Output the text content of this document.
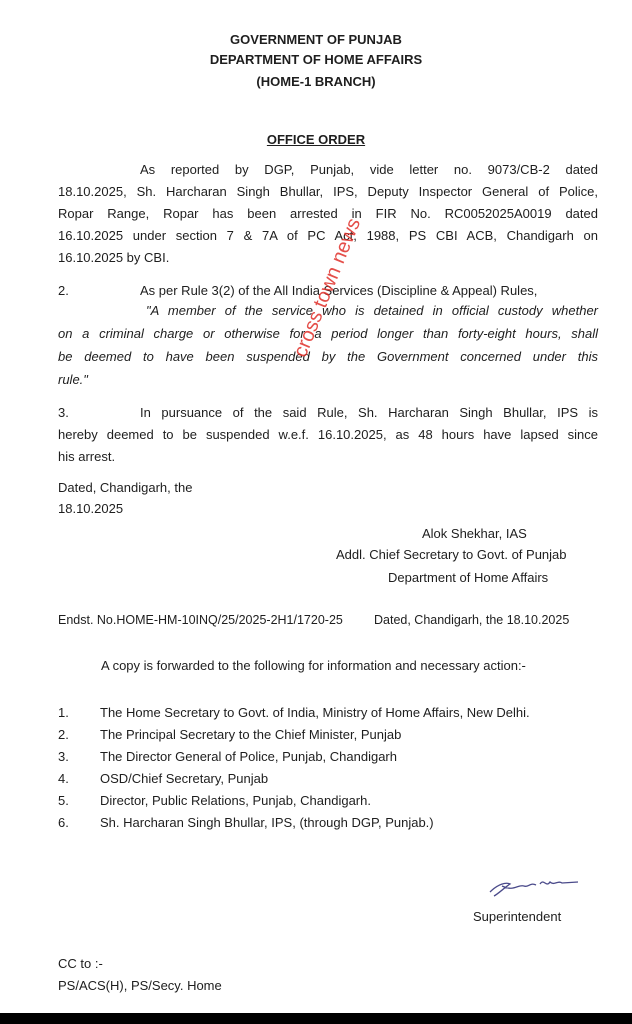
GOVERNMENT OF PUNJAB
DEPARTMENT OF HOME AFFAIRS
(HOME-1 BRANCH)
OFFICE ORDER
As reported by DGP, Punjab, vide letter no. 9073/CB-2 dated
18.10.2025, Sh. Harcharan Singh Bhullar, IPS, Deputy Inspector General of Police,
Ropar Range, Ropar has been arrested in FIR No. RC0052025A0019 dated
16.10.2025 under section 7 & 7A of PC Act, 1988, PS CBI ACB, Chandigarh on
16.10.2025 by CBI.
2.	As per Rule 3(2) of the All India Services (Discipline & Appeal) Rules,
"A member of the service who is detained in official custody whether
on a criminal charge or otherwise for a period longer than forty-eight hours, shall
be deemed to have been suspended by the Government concerned under this
rule."
3.	In pursuance of the said Rule, Sh. Harcharan Singh Bhullar, IPS is
hereby deemed to be suspended w.e.f. 16.10.2025, as 48 hours have lapsed since
his arrest.
Dated, Chandigarh, the
18.10.2025
Alok Shekhar, IAS
Addl. Chief Secretary to Govt. of Punjab
Department of Home Affairs
Endst. No.HOME-HM-10INQ/25/2025-2H1/1720-25 Dated, Chandigarh, the 18.10.2025
A copy is forwarded to the following for information and necessary action:-
1. The Home Secretary to Govt. of India, Ministry of Home Affairs, New Delhi.
2. The Principal Secretary to the Chief Minister, Punjab
3. The Director General of Police, Punjab, Chandigarh
4. OSD/Chief Secretary, Punjab
5. Director, Public Relations, Punjab, Chandigarh.
6. Sh. Harcharan Singh Bhullar, IPS, (through DGP, Punjab.)
Superintendent
CC to :-
PS/ACS(H), PS/Secy. Home
cross town news
